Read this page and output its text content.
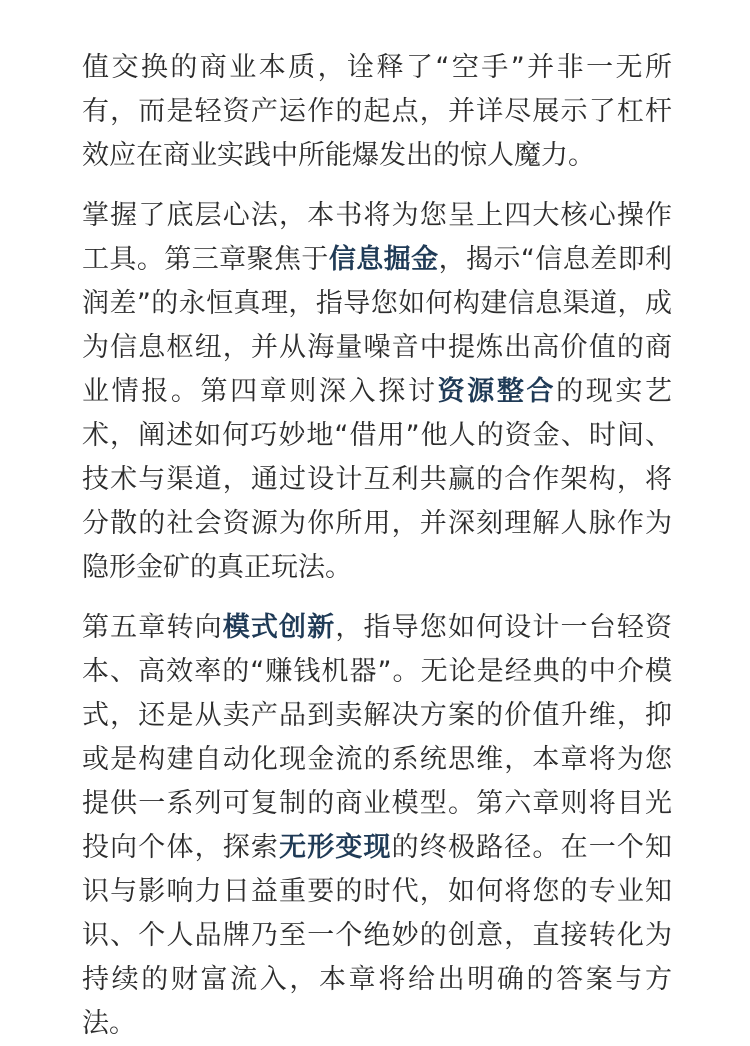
值交换的商业本质，诠释了“空手”并非一无所有，而是轻资产运作的起点，并详尽展示了杠杆效应在商业实践中所能爆发出的惊人魔力。

掌握了底层心法，本书将为您呈上四大核心操作工具。第三章聚焦于信息掘金，揭示“信息差即利润差”的永恒真理，指导您如何构建信息渠道，成为信息枢纽，并从海量噪音中提炼出高价值的商业情报。第四章则深入探讨资源整合的现实艺术，阐述如何巧妙地“借用”他人的资金、时间、技术与渠道，通过设计互利共赢的合作架构，将分散的社会资源为你所用，并深刻理解人脉作为隐形金矿的真正玩法。

第五章转向模式创新，指导您如何设计一台轻资本、高效率的“赚钱机器”。无论是经典的中介模式，还是从卖产品到卖解决方案的价值升维，抑或是构建自动化现金流的系统思维，本章将为您提供一系列可复制的商业模型。第六章则将目光投向个体，探索无形变现的终极路径。在一个知识与影响力日益重要的时代，如何将您的专业知识、个人品牌乃至一个绝妙的创意，直接转化为持续的财富流入，本章将给出明确的答案与方法。
